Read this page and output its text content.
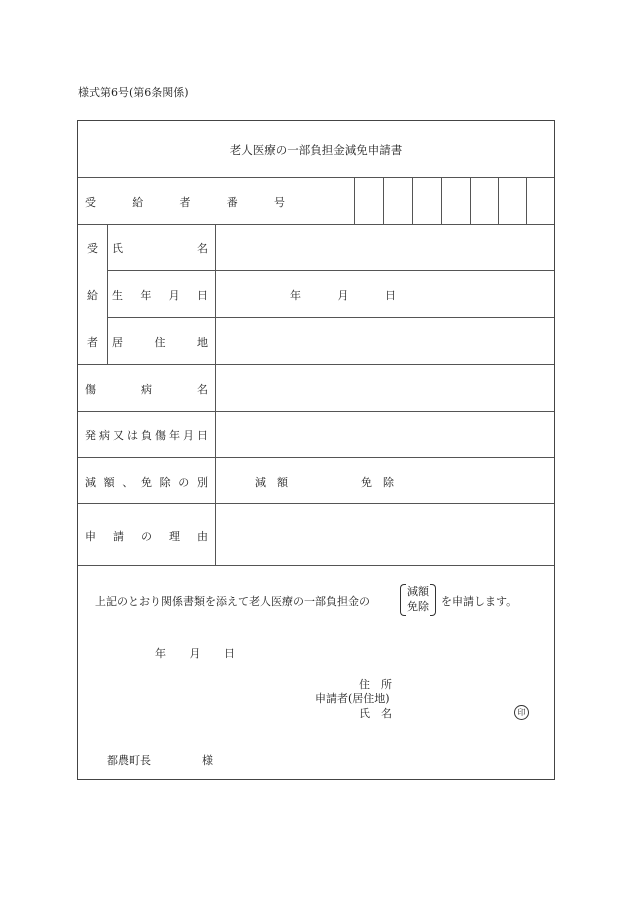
様式第6号(第6条関係)
老人医療の一部負担金減免申請書
受	給	者	番	号
受
給
者
氏	名
生 年 月 日	年	月	日
居	住	地
傷	病	名
発 病 又 は 負 傷 年 月 日
減 額 、 免 除 の 別	減　額	免　除
申 請 の 理 由
上記のとおり関係書類を添えて老人医療の一部負担金の
減額
免除 を申請します。
年 月 日
住　所
申請者(居住地)
氏　名	印
都農町長	様
